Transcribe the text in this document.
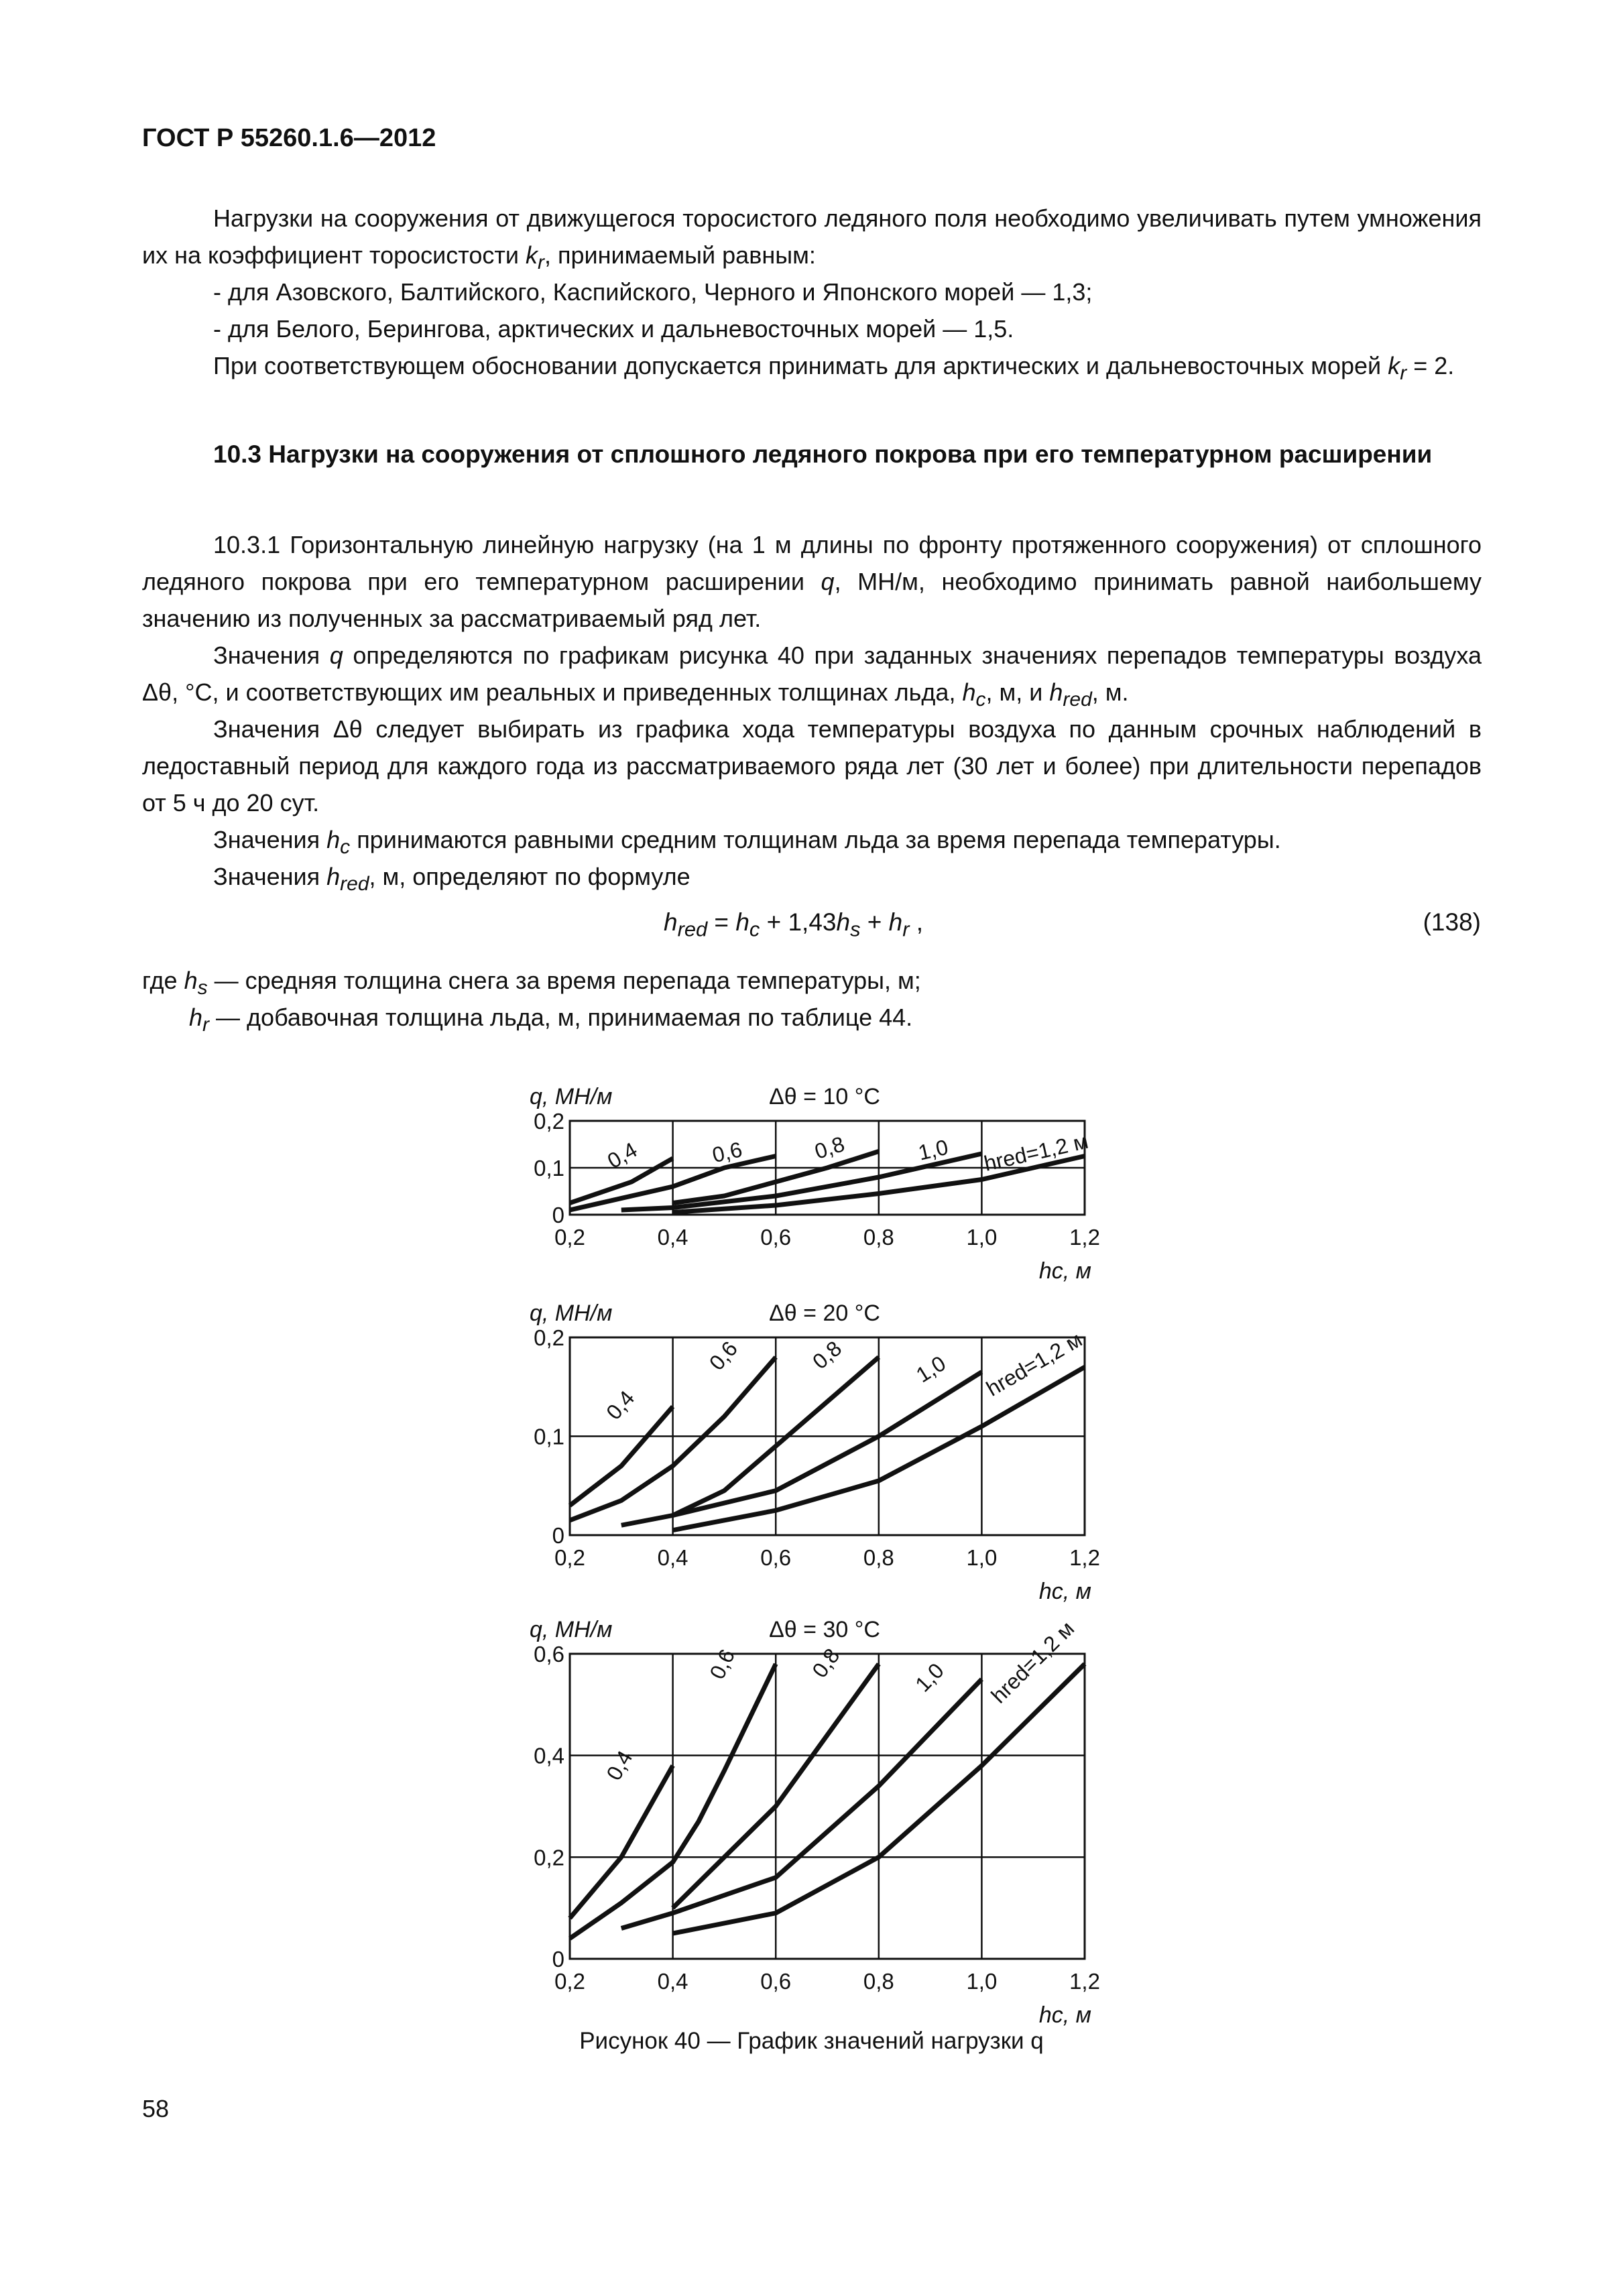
ГОСТ Р 55260.1.6—2012

Нагрузки на сооружения от движущегося торосистого ледяного поля необходимо увеличивать путем умножения их на коэффициент торосистости $k_r$, принимаемый равным:

- для Азовского, Балтийского, Каспийского, Черного и Японского морей — 1,3;
- для Белого, Берингова, арктических и дальневосточных морей — 1,5.

При соответствующем обосновании допускается принимать для арктических и дальневосточных морей $k_r = 2$.

10.3 Нагрузки на сооружения от сплошного ледяного покрова при его температурном расширении

10.3.1 Горизонтальную линейную нагрузку (на 1 м длины по фронту протяженного сооружения) от сплошного ледяного покрова при его температурном расширении q, МН/м, необходимо принимать равной наибольшему значению из полученных за рассматриваемый ряд лет.

Значения q определяются по графикам рисунка 40 при заданных значениях перепадов температуры воздуха Δθ, °С, и соответствующих им реальных и приведенных толщинах льда, $h_c$, м, и $h_{red}$, м.

Значения Δθ следует выбирать из графика хода температуры воздуха по данным срочных наблюдений в ледоставный период для каждого года из рассматриваемого ряда лет (30 лет и более) при длительности перепадов от 5 ч до 20 сут.

Значения $h_c$ принимаются равными средним толщинам льда за время перепада температуры.

Значения $h_{red}$, м, определяют по формуле

$h_{red} = h_c + 1,43h_s + h_r$ ,	(138)
где $h_s$ — средняя толщина снега за время перепада температуры, м;
$h_r$ — добавочная толщина льда, м, принимаемая по таблице 44.
0,2	0,4	0,6	0,8	1,0	1,2
0
0,1
0,2
Δθ = 10 °С
q, МН/м
hc, м
0,4	0,6	0,8	1,0 hred=1,2 м
0,2	0,4	0,6	0,8	1,0	1,2
0
0,1
0,2
Δθ = 20 °С
q, МН/м
hc, м
0,4
0,6	0,8	1,0 hred=1,2 м
0,2	0,4	0,6	0,8	1,0	1,2
0
0,2
0,4
0,6
Δθ = 30 °С
q, МН/м
hc, м
0,4
0,6	0,8	1,0 hred=1,2 м
Рисунок 40 — График значений нагрузки q
58
